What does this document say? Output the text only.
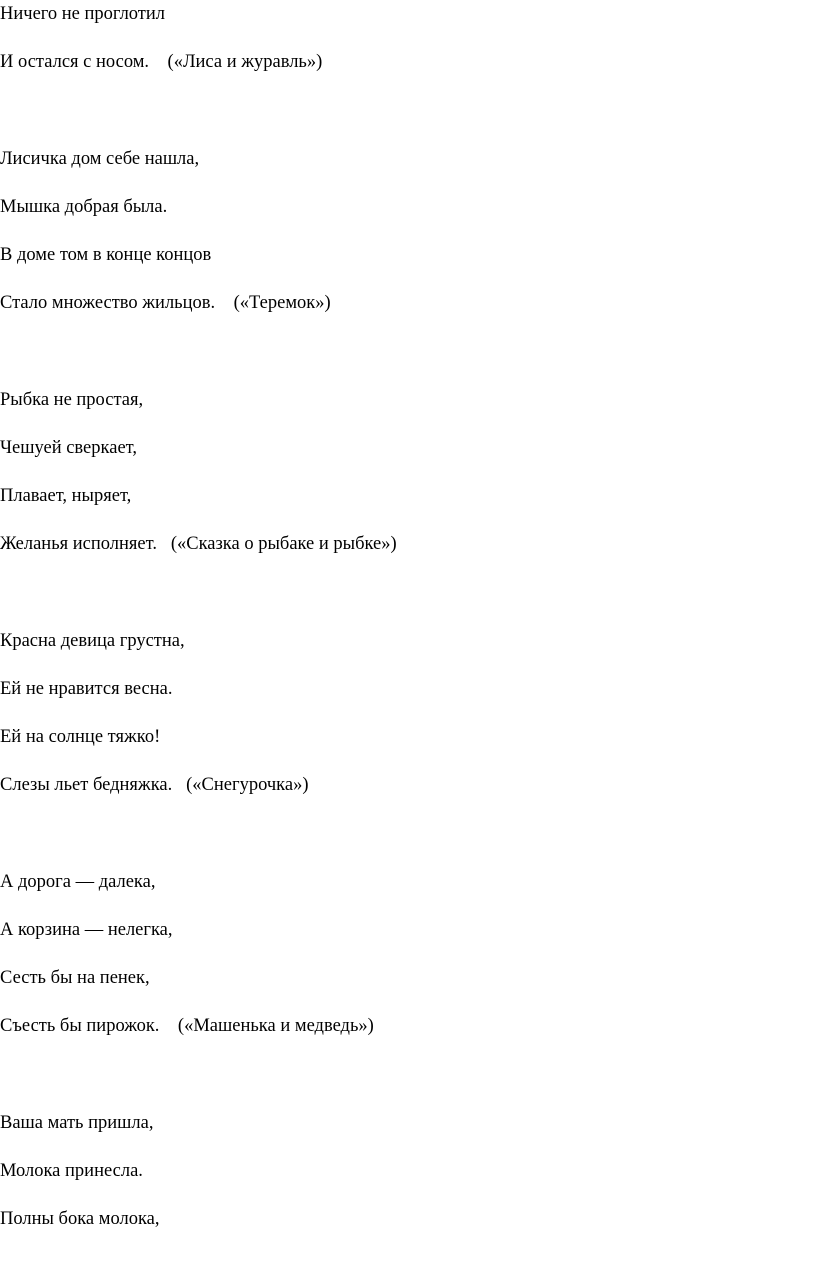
Ничего не проглотил

И остался с носом.    («Лиса и журавль»)

Лисичка дом себе нашла,

Мышка добрая была.

В доме том в конце концов

Стало множество жильцов.    («Теремок»)

Рыбка не простая,

Чешуей сверкает,

Плавает, ныряет,

Желанья исполняет.   («Сказка о рыбаке и рыбке»)

Красна девица грустна,

Ей не нравится весна.

Ей на солнце тяжко!

Слезы льет бедняжка.   («Снегурочка»)

А дорога — далека,

А корзина — нелегка,

Сесть бы на пенек,

Съесть бы пирожок.    («Машенька и медведь»)

Ваша мать пришла,

Молока принесла.

Полны бока молока,
